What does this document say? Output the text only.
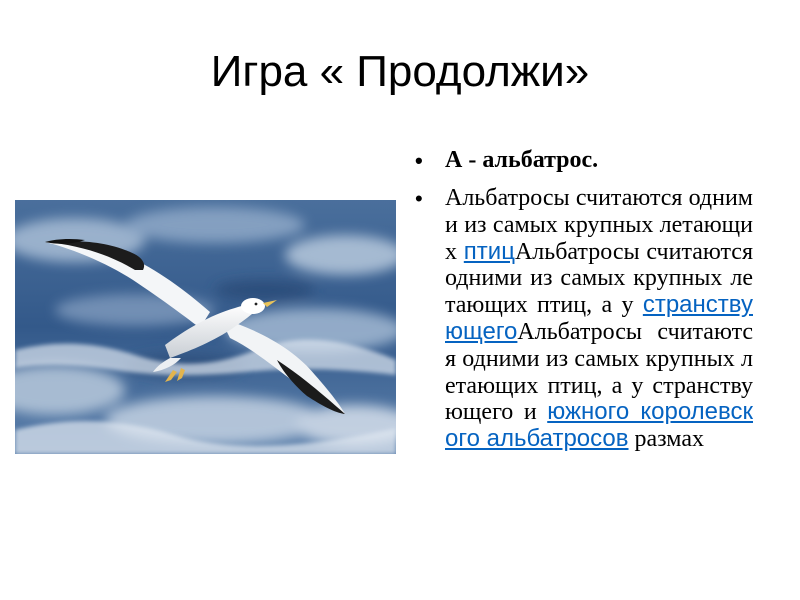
Игра « Продолжи»
• А - альбатрос.
• Альбатросы считаются одними из самых крупных летающих птицАльбатросы считаются одними из самых крупных летающих птиц, а у странствующегоАльбатросы считаются одними из самых крупных летающих птиц, а у странствующего и южного королевского альбатросов размах
